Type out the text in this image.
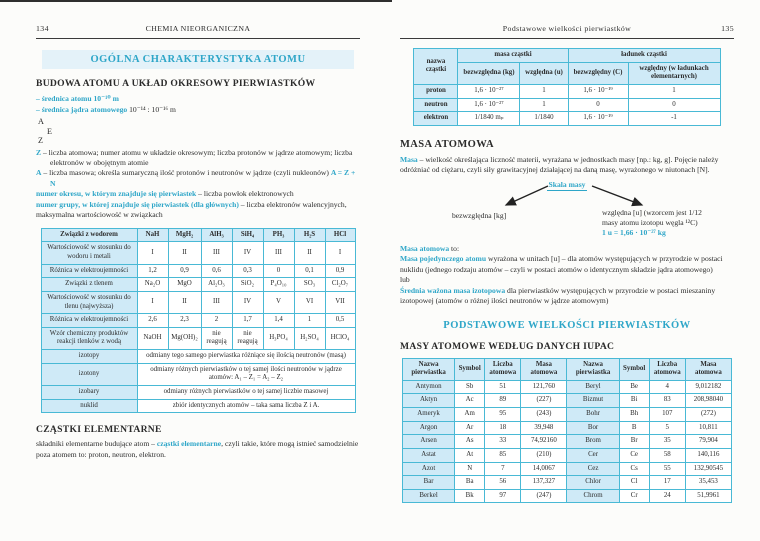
134	CHEMIA NIEORGANICZNA
OGÓLNA CHARAKTERYSTYKA ATOMU
BUDOWA ATOMU A UKŁAD OKRESOWY PIERWIASTKÓW
– średnica atomu 10⁻¹⁰ m
– średnica jądra atomowego 10⁻¹⁴ : 10⁻¹⁶ m
A
E
Z

Z – liczba atomowa; numer atomu w układzie okresowym; liczba protonów w jądrze atomowym; liczba elektronów w obojętnym atomie

A – liczba masowa; określa sumaryczną ilość protonów i neutronów w jądrze (czyli nukleonów) A = Z + N

numer okresu, w którym znajduje się pierwiastek – liczba powłok elektronowych

numer grupy, w której znajduje się pierwiastek (dla głównych) – liczba elektronów walencyjnych, maksymalna wartościowość w związkach

Związki z wodorem	NaH	MgH₂	AlH₃	SiH₄	PH₃	H₂S	HCl
Wartościowość w stosunku do wodoru i metali	I	II	III	IV	III	II	I
Różnica w elektroujemności	1,2	0,9	0,6	0,3	0	0,1	0,9
Związki z tlenem	Na₂O	MgO	Al₂O₃	SiO₂	P₄O₁₀	SO₃	Cl₂O₇
Wartościowość w stosunku do tlenu (najwyższa)	I	II	III	IV	V	VI	VII
Różnica w elektroujemności	2,6	2,3	2	1,7	1,4	1	0,5
Wzór chemiczny produktów reakcji tlenków z wodą	NaOH	Mg(OH)₂	nie reagują	nie reagują	H₃PO₄	H₂SO₄	HClO₄
izotopy	odmiany tego samego pierwiastka różniące się ilością neutronów (masą)						
izotony	odmiany różnych pierwiastków o tej samej ilości neutronów w jądrze atomów: A₁ – Z₁ = A₂ – Z₂						
izobary	odmiany różnych pierwiastków o tej samej liczbie masowej						
nuklid	zbiór identycznych atomów – taka sama liczba Z i A.						
CZĄSTKI ELEMENTARNE

składniki elementarne budujące atom – cząstki elementarne, czyli takie, które mogą istnieć samodzielnie poza atomem to: proton, neutron, elektron.

Podstawowe wielkości pierwiastków	135
nazwa cząstki	masa cząstki		ładunek cząstki	
	bezwzględna (kg)	względna (u)	bezwzględny (C)	względny (w ładunkach elementarnych)
proton	1,6 · 10⁻²⁷	1	1,6 · 10⁻¹⁹	1
neutron	1,6 · 10⁻²⁷	1	0	0
elektron	1/1840 mₚ	1/1840	1,6 · 10⁻¹⁹	-1
MASA ATOMOWA

Masa – wielkość określająca liczność materii, wyrażana w jednostkach masy [np.: kg, g]. Pojęcie należy odróżniać od ciężaru, czyli siły grawitacyjnej działającej na daną masę, wyrażonego w niutonach [N].

Skala masy
bezwzględna [kg]	względna [u] (wzorcem jest 1/12
masy atomu izotopu węgla ¹²C)
1 u = 1,66 · 10⁻²⁷ kg

Masa atomowa to:

Masa pojedynczego atomu wyrażona w unitach [u] – dla atomów występujących w przyrodzie w postaci nuklidu (jednego rodzaju atomów – czyli w postaci atomów o identycznym składzie jądra atomowego)

lub

Średnia ważona masa izotopowa dla pierwiastków występujących w przyrodzie w postaci mieszaniny izotopowej (atomów o różnej ilości neutronów w jądrze atomowym)

PODSTAWOWE WIELKOŚCI PIERWIASTKÓW
MASY ATOMOWE WEDŁUG DANYCH IUPAC
Nazwa pierwiastka	Symbol	Liczba atomowa	Masa atomowa	Nazwa pierwiastka	Symbol	Liczba atomowa	Masa atomowa
Antymon	Sb	51	121,760	Beryl	Be	4	9,012182
Aktyn	Ac	89	(227)	Bizmut	Bi	83	208,98040
Ameryk	Am	95	(243)	Bohr	Bh	107	(272)
Argon	Ar	18	39,948	Bor	B	5	10,811
Arsen	As	33	74,92160	Brom	Br	35	79,904
Astat	At	85	(210)	Cer	Ce	58	140,116
Azot	N	7	14,0067	Cez	Cs	55	132,90545
Bar	Ba	56	137,327	Chlor	Cl	17	35,453
Berkel	Bk	97	(247)	Chrom	Cr	24	51,9961
